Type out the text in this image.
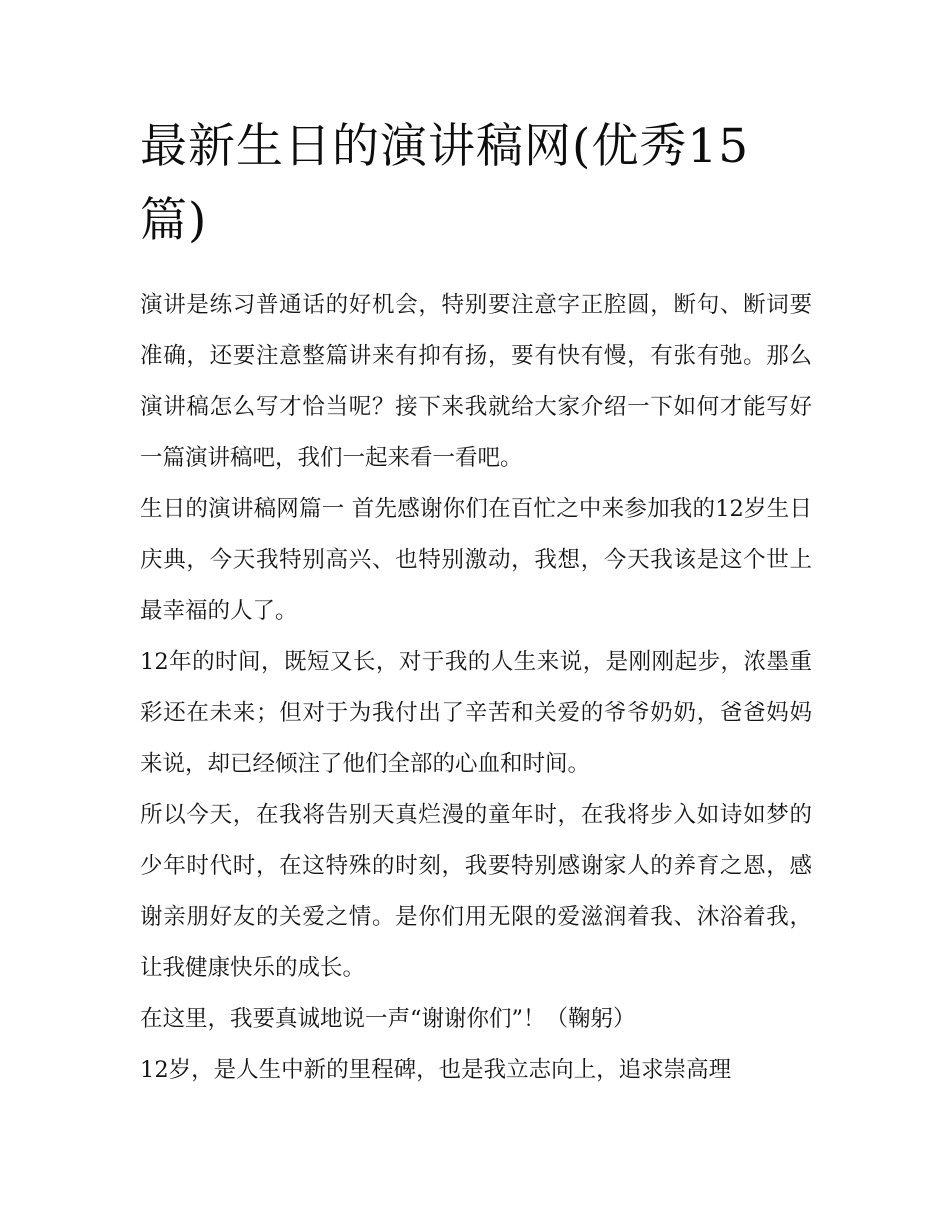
最新生日的演讲稿网(优秀15篇)

演讲是练习普通话的好机会，特别要注意字正腔圆，断句、断词要准确，还要注意整篇讲来有抑有扬，要有快有慢，有张有弛。那么演讲稿怎么写才恰当呢？接下来我就给大家介绍一下如何才能写好一篇演讲稿吧，我们一起来看一看吧。

生日的演讲稿网篇一 首先感谢你们在百忙之中来参加我的12岁生日庆典，今天我特别高兴、也特别激动，我想，今天我该是这个世上最幸福的人了。

12年的时间，既短又长，对于我的人生来说，是刚刚起步，浓墨重彩还在未来；但对于为我付出了辛苦和关爱的爷爷奶奶，爸爸妈妈来说，却已经倾注了他们全部的心血和时间。

所以今天，在我将告别天真烂漫的童年时，在我将步入如诗如梦的少年时代时，在这特殊的时刻，我要特别感谢家人的养育之恩，感谢亲朋好友的关爱之情。是你们用无限的爱滋润着我、沐浴着我，让我健康快乐的成长。

在这里，我要真诚地说一声“谢谢你们”！（鞠躬）

12岁，是人生中新的里程碑，也是我立志向上，追求崇高理
